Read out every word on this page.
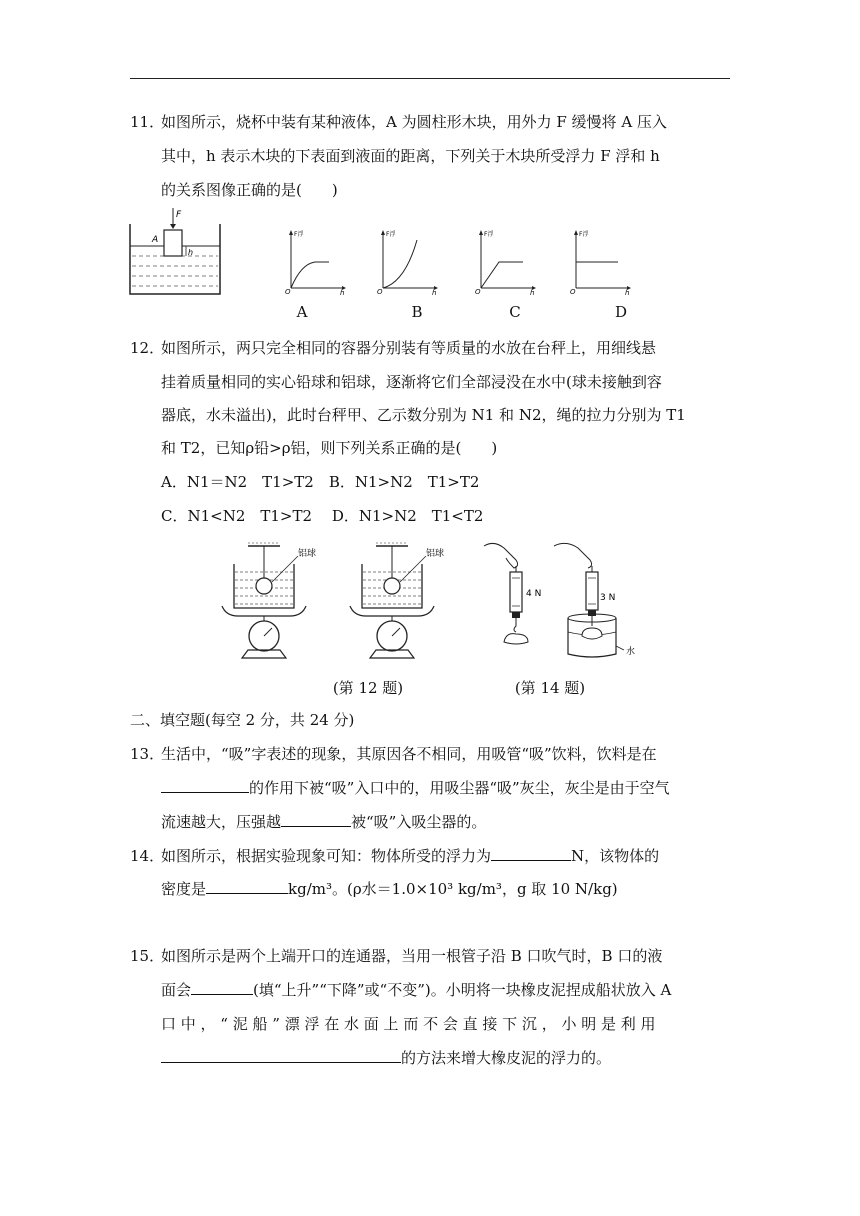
11．
如图所示，烧杯中装有某种液体，A 为圆柱形木块，用外力 F 缓慢将 A 压入
其中，h 表示木块的下表面到液面的距离，下列关于木块所受浮力 F 浮和 h
的关系图像正确的是(　　)
F
A
h
F浮
O	h
F浮
O	h
F浮
O	h
F浮
O	h
A	B	C	D
12．
如图所示，两只完全相同的容器分别装有等质量的水放在台秤上，用细线悬
挂着质量相同的实心铅球和铝球，逐渐将它们全部浸没在水中(球未接触到容
器底，水未溢出)，此时台秤甲、乙示数分别为 N1 和 N2，绳的拉力分别为 T1
和 T2，已知ρ铅>ρ铝，则下列关系正确的是(　　)
A．N1＝N2　T1>T2　B．N1>N2　T1>T2
C．N1<N2　T1>T2　 D．N1>N2　T1<T2
铝球	铝球
4 N	3 N
水
(第 12 题)	(第 14 题)
二、填空题(每空 2 分，共 24 分)
13．
生活中，“吸”字表述的现象，其原因各不相同，用吸管“吸”饮料，饮料是在
的作用下被“吸”入口中的，用吸尘器“吸”灰尘，灰尘是由于空气
流速越大，压强越	被“吸”入吸尘器的。
14．
如图所示，根据实验现象可知：物体所受的浮力为	N，该物体的
密度是	kg/m³。(ρ水＝1.0×10³ kg/m³，g 取 10 N/kg)
15．
如图所示是两个上端开口的连通器，当用一根管子沿 B 口吹气时，B 口的液
面会	(填“上升”“下降”或“不变”)。小明将一块橡皮泥捏成船状放入 A
口 中 ， “ 泥 船 ” 漂 浮 在 水 面 上 而 不 会 直 接 下 沉 ， 小 明 是 利 用
的方法来增大橡皮泥的浮力的。
